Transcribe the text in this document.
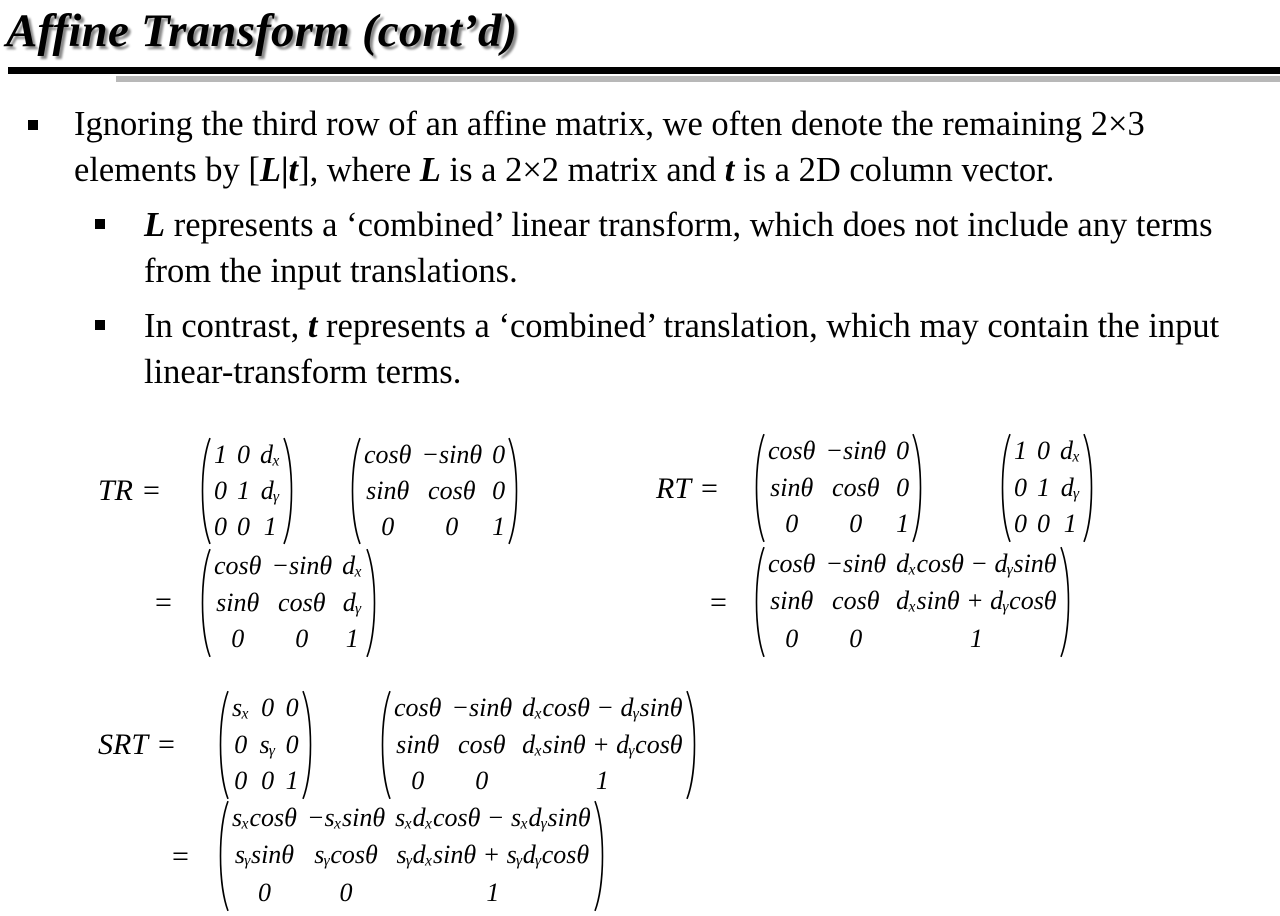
Affine Transform (cont’d)
Ignoring the third row of an affine matrix, we often denote the remaining 2×3 elements by [L|t], where L is a 2×2 matrix and t is a 2D column vector.
L represents a ‘combined’ linear transform, which does not include any terms from the input translations.
In contrast, t represents a ‘combined’ translation, which may contain the input linear-transform terms.
TR =
1 0 dₓ
0 1 dᵧ
0 0 1
cosθ −sinθ 0
sinθ cosθ 0
0	0	1
=
cosθ −sinθ dₓ
sinθ cosθ dᵧ
0	0	1
RT =
cosθ −sinθ 0
sinθ cosθ 0
0	0	1
1 0 dₓ
0 1 dᵧ
0 0 1
=
cosθ −sinθ dₓcosθ − dᵧsinθ
sinθ cosθ dₓsinθ + dᵧcosθ
0	0	1
SRT =
sₓ 0 0
0 sᵧ 0
0 0 1
cosθ −sinθ dₓcosθ − dᵧsinθ
sinθ cosθ dₓsinθ + dᵧcosθ
0	0	1
=
sₓcosθ −sₓsinθ sₓdₓcosθ − sₓdᵧsinθ
sᵧsinθ sᵧcosθ sᵧdₓsinθ + sᵧdᵧcosθ
0	0	1
